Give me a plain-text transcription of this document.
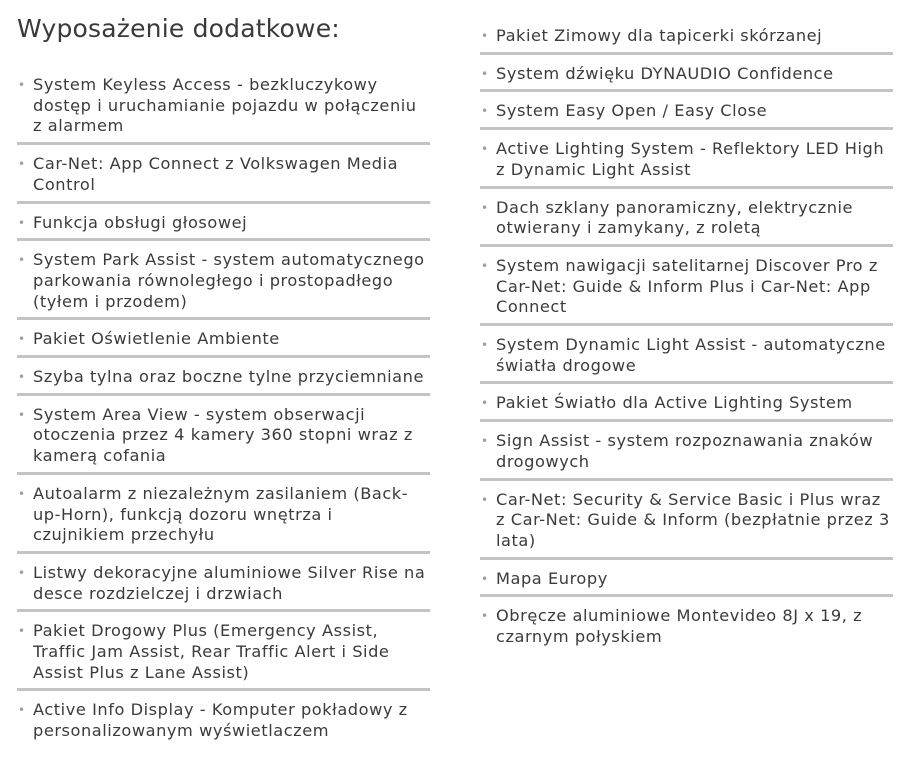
Wyposażenie dodatkowe:
• System Keyless Access - bezkluczykowy dostęp i uruchamianie pojazdu w połączeniu z alarmem
• Car-Net: App Connect z Volkswagen Media Control
• Funkcja obsługi głosowej
• System Park Assist - system automatycznego parkowania równoległego i prostopadłego (tyłem i przodem)
• Pakiet Oświetlenie Ambiente
• Szyba tylna oraz boczne tylne przyciemniane
• System Area View - system obserwacji otoczenia przez 4 kamery 360 stopni wraz z kamerą cofania
• Autoalarm z niezależnym zasilaniem (Back-up-Horn), funkcją dozoru wnętrza i czujnikiem przechyłu
• Listwy dekoracyjne aluminiowe Silver Rise na desce rozdzielczej i drzwiach
• Pakiet Drogowy Plus (Emergency Assist, Traffic Jam Assist, Rear Traffic Alert i Side Assist Plus z Lane Assist)
• Active Info Display - Komputer pokładowy z personalizowanym wyświetlaczem
• Pakiet Zimowy dla tapicerki skórzanej
• System dźwięku DYNAUDIO Confidence
• System Easy Open / Easy Close
• Active Lighting System - Reflektory LED High z Dynamic Light Assist
• Dach szklany panoramiczny, elektrycznie otwierany i zamykany, z roletą
• System nawigacji satelitarnej Discover Pro z Car-Net: Guide & Inform Plus i Car-Net: App Connect
• System Dynamic Light Assist - automatyczne światła drogowe
• Pakiet Światło dla Active Lighting System
• Sign Assist - system rozpoznawania znaków drogowych
• Car-Net: Security & Service Basic i Plus wraz z Car-Net: Guide & Inform (bezpłatnie przez 3 lata)
• Mapa Europy
• Obręcze aluminiowe Montevideo 8J x 19, z czarnym połyskiem
